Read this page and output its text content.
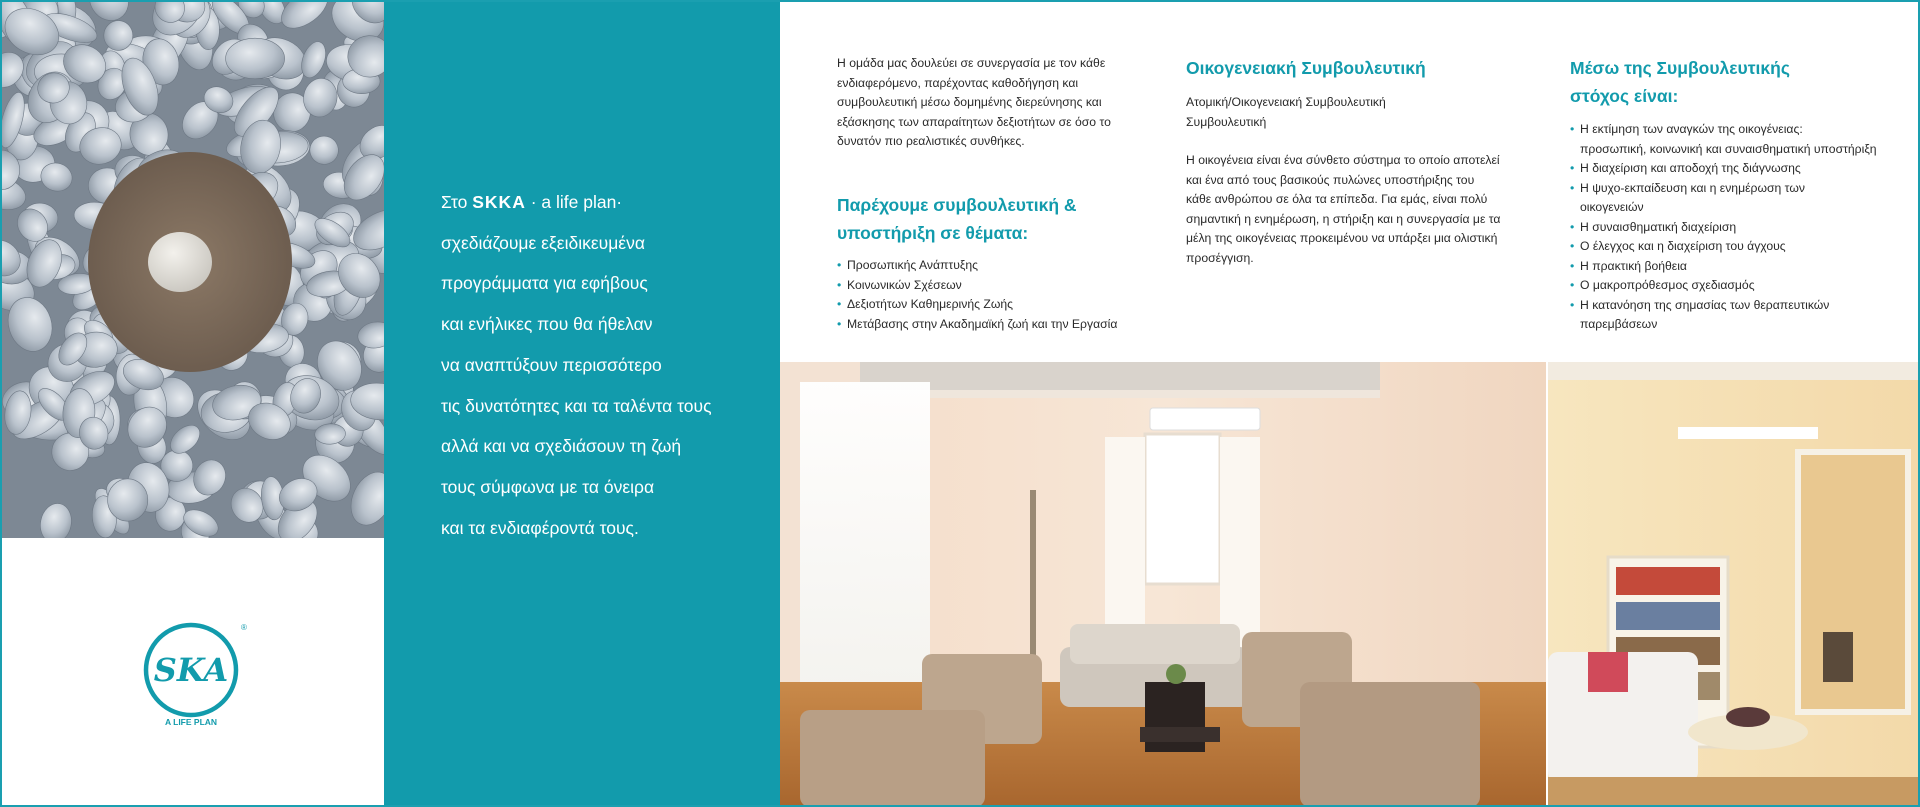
SKA
A LIFE PLAN
®
Στο SKKA · a life plan·
σχεδιάζουμε εξειδικευμένα
προγράμματα για εφήβους
και ενήλικες που θα ήθελαν
να αναπτύξουν περισσότερο
τις δυνατότητες και τα ταλέντα τους
αλλά και να σχεδιάσουν τη ζωή
τους σύμφωνα με τα όνειρα
και τα ενδιαφέροντά τους.
Η ομάδα μας δουλεύει σε συνεργασία με τον κάθε
ενδιαφερόμενο, παρέχοντας καθοδήγηση και
συμβουλευτική μέσω δομημένης διερεύνησης και
εξάσκησης των απαραίτητων δεξιοτήτων σε όσο το
δυνατόν πιο ρεαλιστικές συνθήκες.
Παρέχουμε συμβουλευτική &
υποστήριξη σε θέματα:
• Προσωπικής Ανάπτυξης
• Κοινωνικών Σχέσεων
• Δεξιοτήτων Καθημερινής Ζωής
• Μετάβασης στην Ακαδημαϊκή ζωή και την Εργασία
Οικογενειακή Συμβουλευτική
Ατομική/Οικογενειακή Συμβουλευτική
Συμβουλευτική
Η οικογένεια είναι ένα σύνθετο σύστημα το οποίο αποτελεί
και ένα από τους βασικούς πυλώνες υποστήριξης του
κάθε ανθρώπου σε όλα τα επίπεδα. Για εμάς, είναι πολύ
σημαντική η ενημέρωση, η στήριξη και η συνεργασία με τα
μέλη της οικογένειας προκειμένου να υπάρξει μια ολιστική
προσέγγιση.
Μέσω της Συμβουλευτικής
στόχος είναι:
• Η εκτίμηση των αναγκών της οικογένειας:
προσωπική, κοινωνική και συναισθηματική υποστήριξη
• Η διαχείριση και αποδοχή της διάγνωσης
• Η ψυχο-εκπαίδευση και η ενημέρωση των
οικογενειών
• Η συναισθηματική διαχείριση
• Ο έλεγχος και η διαχείριση του άγχους
• Η πρακτική βοήθεια
• Ο μακροπρόθεσμος σχεδιασμός
• Η κατανόηση της σημασίας των θεραπευτικών
παρεμβάσεων
